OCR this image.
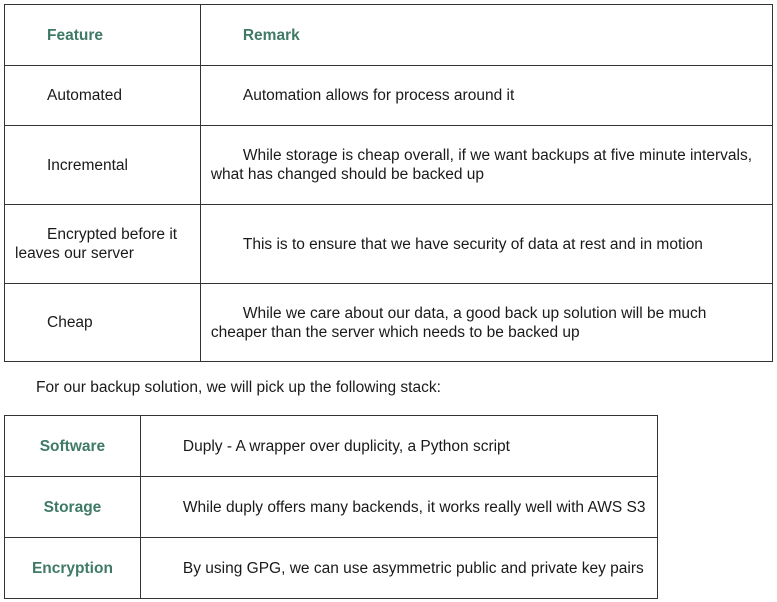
Feature	Remark
Automated	Automation allows for process around it
Incremental	While storage is cheap overall, if we want backups at five minute intervals, what has changed should be backed up
Encrypted before it leaves our server	This is to ensure that we have security of data at rest and in motion
Cheap	While we care about our data, a good back up solution will be much cheaper than the server which needs to be backed up

For our backup solution, we will pick up the following stack:

Software	Duply - A wrapper over duplicity, a Python script
Storage	While duply offers many backends, it works really well with AWS S3
Encryption	By using GPG, we can use asymmetric public and private key pairs
